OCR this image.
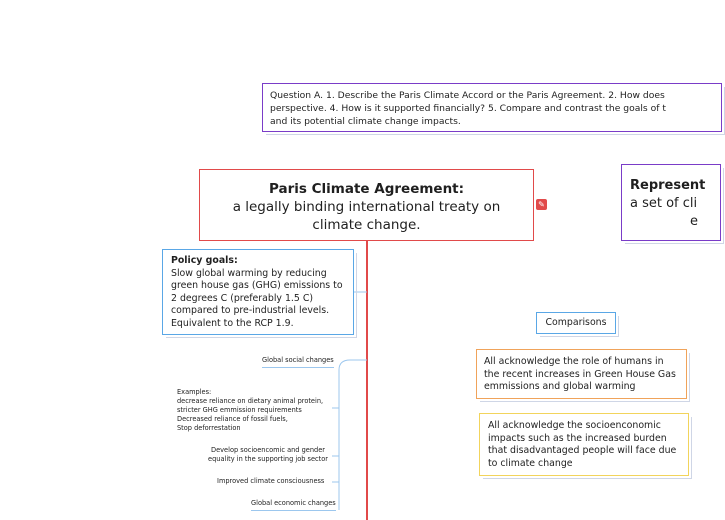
Question A. 1. Describe the Paris Climate Accord or the Paris Agreement. 2. How does
perspective. 4. How is it supported financially? 5. Compare and contrast the goals of t
and its potential climate change impacts.
Paris Climate Agreement:
a legally binding international treaty on climate change.
✎
Represent
a set of cli
e
Policy goals:
Slow global warming by reducing green house gas (GHG) emissions to 2 degrees C (preferably 1.5 C) compared to pre-industrial levels. Equivalent to the RCP 1.9.
Global social changes
Examples:
decrease reliance on dietary animal protein,
stricter GHG emmission requirements
Decreased reliance of fossil fuels,
Stop deforrestation
Develop socioencomic and gender
equality in the supporting job sector
Improved climate consciousness
Global economic changes
Comparisons
All acknowledge the role of humans in the recent increases in Green House Gas emmissions and global warming
All acknowledge the socioenconomic impacts such as the increased burden that disadvantaged people will face due to climate change
